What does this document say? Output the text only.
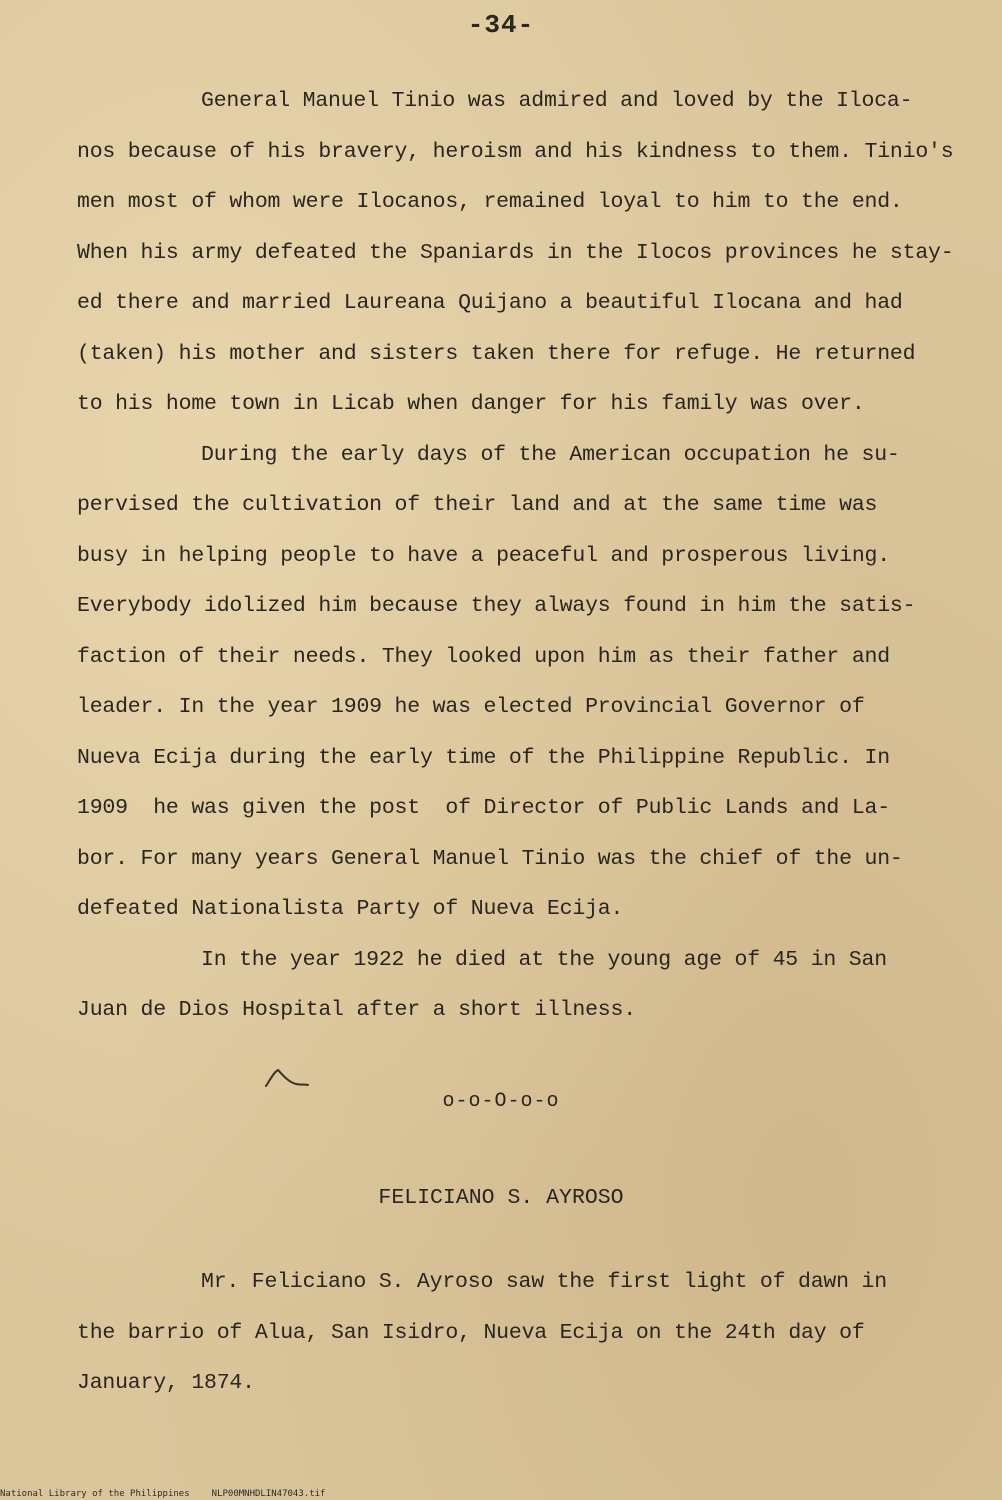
-34-
General Manuel Tinio was admired and loved by the Iloca-
nos because of his bravery, heroism and his kindness to them. Tinio's
men most of whom were Ilocanos, remained loyal to him to the end.
When his army defeated the Spaniards in the Ilocos provinces he stay-
ed there and married Laureana Quijano a beautiful Ilocana and had
(taken) his mother and sisters taken there for refuge. He returned
to his home town in Licab when danger for his family was over.
During the early days of the American occupation he su-
pervised the cultivation of their land and at the same time was
busy in helping people to have a peaceful and prosperous living.
Everybody idolized him because they always found in him the satis-
faction of their needs. They looked upon him as their father and
leader. In the year 1909 he was elected Provincial Governor of
Nueva Ecija during the early time of the Philippine Republic. In
1909  he was given the post  of Director of Public Lands and La-
bor. For many years General Manuel Tinio was the chief of the un-
defeated Nationalista Party of Nueva Ecija.
In the year 1922 he died at the young age of 45 in San
Juan de Dios Hospital after a short illness.
o-o-O-o-o
FELICIANO S. AYROSO
Mr. Feliciano S. Ayroso saw the first light of dawn in
the barrio of Alua, San Isidro, Nueva Ecija on the 24th day of
January, 1874.
National Library of the Philippines NLP00MNHDLIN47043.tif
